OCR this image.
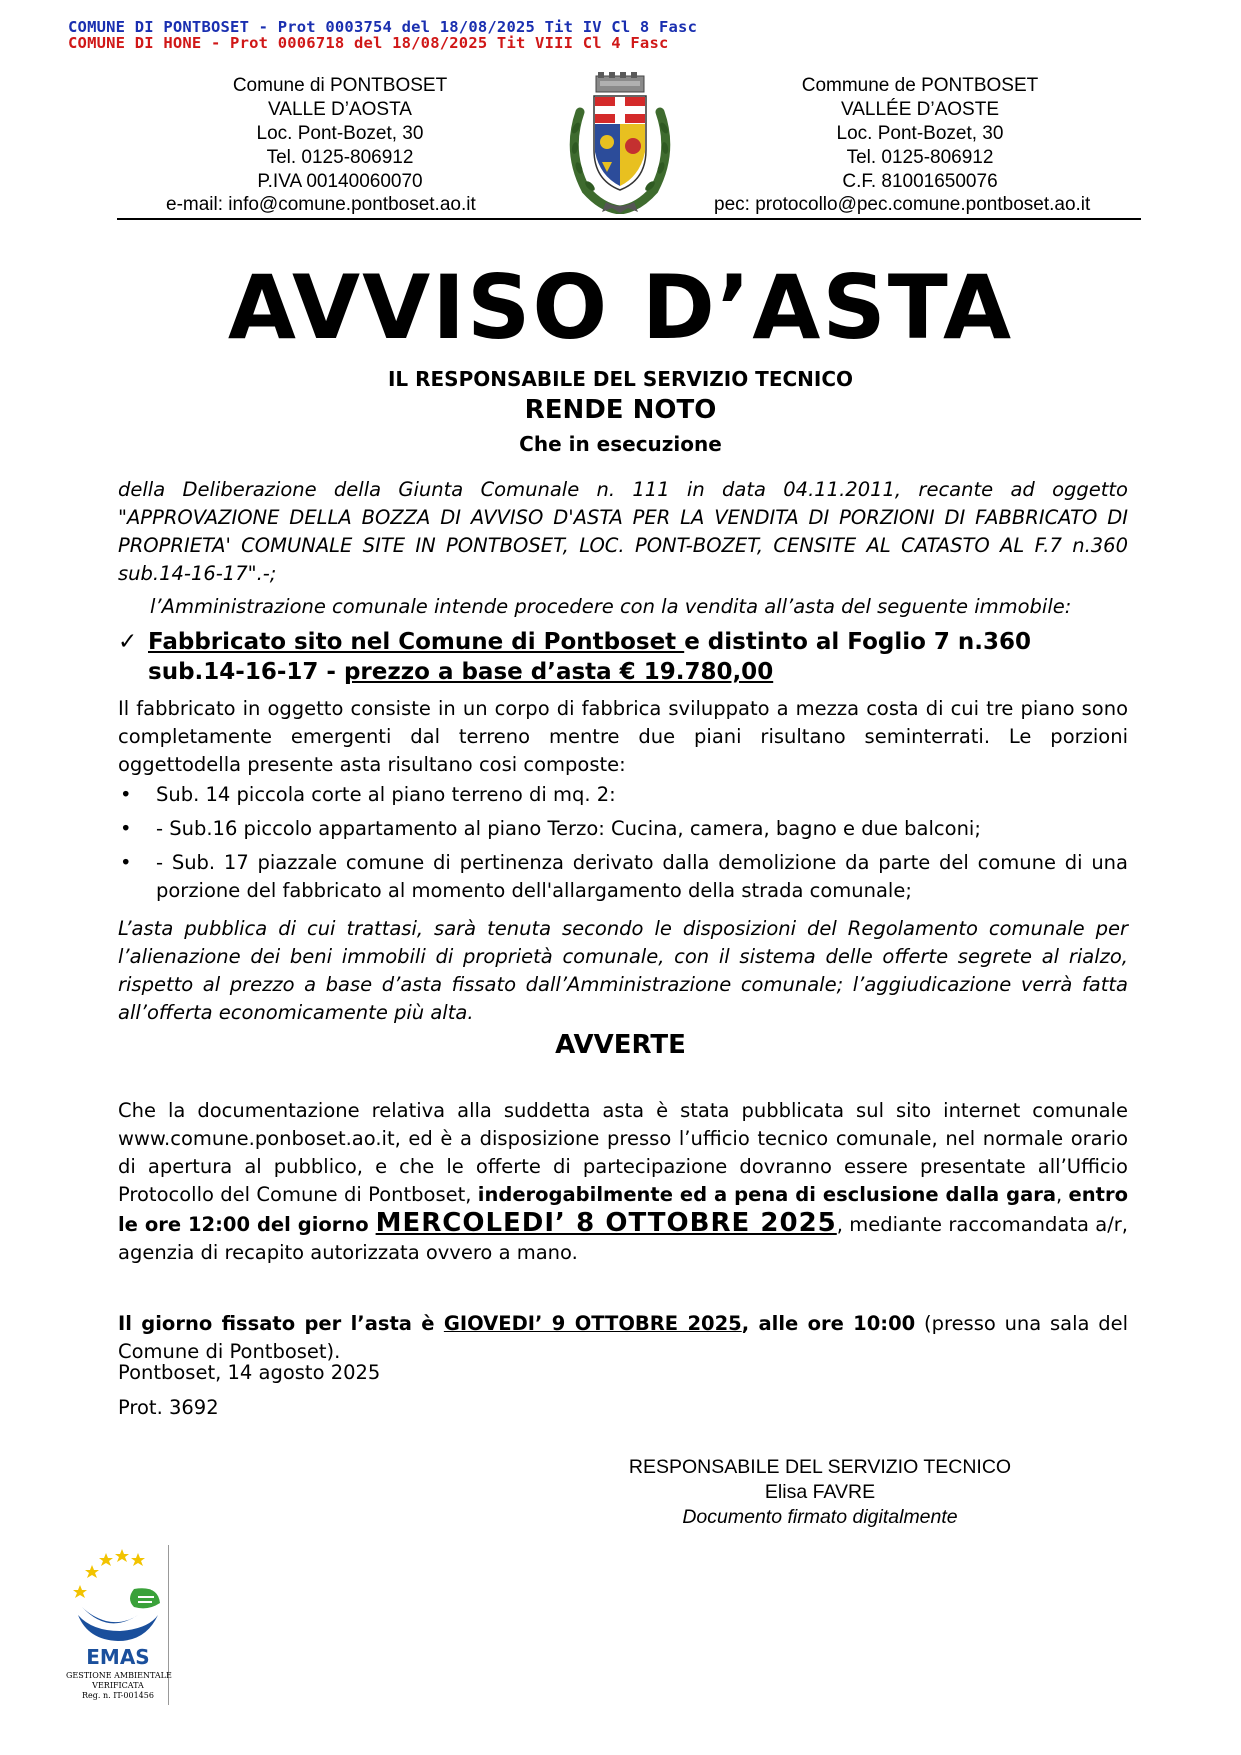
COMUNE DI PONTBOSET - Prot 0003754 del 18/08/2025 Tit IV Cl 8 Fasc
COMUNE DI HONE - Prot 0006718 del 18/08/2025 Tit VIII Cl 4 Fasc
Comune di PONTBOSET
VALLE D’AOSTA
Loc. Pont-Bozet, 30
Tel. 0125-806912
P.IVA 00140060070
e-mail: info@comune.pontboset.ao.it
Commune de PONTBOSET
VALLÉE D’AOSTE
Loc. Pont-Bozet, 30
Tel. 0125-806912
C.F. 81001650076
pec: protocollo@pec.comune.pontboset.ao.it
AVVISO D’ASTA
IL RESPONSABILE DEL SERVIZIO TECNICO
RENDE NOTO
Che in esecuzione

della Deliberazione della Giunta Comunale n. 111 in data 04.11.2011, recante ad oggetto "APPROVAZIONE DELLA BOZZA DI AVVISO D'ASTA PER LA VENDITA DI PORZIONI DI FABBRICATO DI PROPRIETA' COMUNALE SITE IN PONTBOSET, LOC. PONT-BOZET, CENSITE AL CATASTO AL F.7 n.360 sub.14-16-17".-;

l’Amministrazione comunale intende procedere con la vendita all’asta del seguente immobile:

✓ Fabbricato sito nel Comune di Pontboset e distinto al Foglio 7 n.360 sub.14-16-17 - prezzo a base d’asta € 19.780,00

Il fabbricato in oggetto consiste in un corpo di fabbrica sviluppato a mezza costa di cui tre piano sono completamente emergenti dal terreno mentre due piani risultano seminterrati. Le porzioni oggettodella presente asta risultano cosi composte:

• Sub. 14 piccola corte al piano terreno di mq. 2:
• - Sub.16 piccolo appartamento al piano Terzo: Cucina, camera, bagno e due balconi;
• - Sub. 17 piazzale comune di pertinenza derivato dalla demolizione da parte del comune di una porzione del fabbricato al momento dell'allargamento della strada comunale;

L’asta pubblica di cui trattasi, sarà tenuta secondo le disposizioni del Regolamento comunale per l’alienazione dei beni immobili di proprietà comunale, con il sistema delle offerte segrete al rialzo, rispetto al prezzo a base d’asta fissato dall’Amministrazione comunale; l’aggiudicazione verrà fatta all’offerta economicamente più alta.

AVVERTE

Che la documentazione relativa alla suddetta asta è stata pubblicata sul sito internet comunale www.comune.ponboset.ao.it, ed è a disposizione presso l’ufficio tecnico comunale, nel normale orario di apertura al pubblico, e che le offerte di partecipazione dovranno essere presentate all’Ufficio Protocollo del Comune di Pontboset, inderogabilmente ed a pena di esclusione dalla gara, entro le ore 12:00 del giorno MERCOLEDI’ 8 OTTOBRE 2025, mediante raccomandata a/r, agenzia di recapito autorizzata ovvero a mano.

Il giorno fissato per l’asta è GIOVEDI’ 9 OTTOBRE 2025, alle ore 10:00 (presso una sala del Comune di Pontboset).

Pontboset, 14 agosto 2025
Prot. 3692
RESPONSABILE DEL SERVIZIO TECNICO
Elisa FAVRE
Documento firmato digitalmente
EMAS
GESTIONE AMBIENTALE
VERIFICATA
Reg. n. IT-001456
